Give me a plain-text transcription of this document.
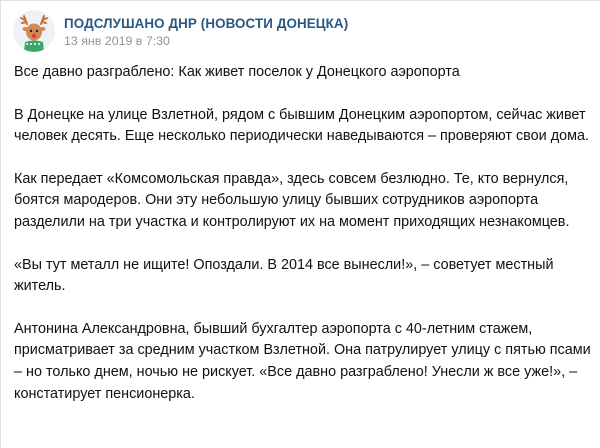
ПОДСЛУШАНО ДНР (НОВОСТИ ДОНЕЦКА)
13 янв 2019 в 7:30

Все давно разграблено: Как живет поселок у Донецкого аэропорта

В Донецке на улице Взлетной, рядом с бывшим Донецким аэропортом, сейчас живет человек десять. Еще несколько периодически наведываются – проверяют свои дома.

Как передает «Комсомольская правда», здесь совсем безлюдно. Те, кто вернулся, боятся мародеров. Они эту небольшую улицу бывших сотрудников аэропорта разделили на три участка и контролируют их на момент приходящих незнакомцев.

«Вы тут металл не ищите! Опоздали. В 2014 все вынесли!», – советует местный житель.

Антонина Александровна, бывший бухгалтер аэропорта с 40-летним стажем, присматривает за средним участком Взлетной. Она патрулирует улицу с пятью псами – но только днем, ночью не рискует. «Все давно разграблено! Унесли ж все уже!», – констатирует пенсионерка.
